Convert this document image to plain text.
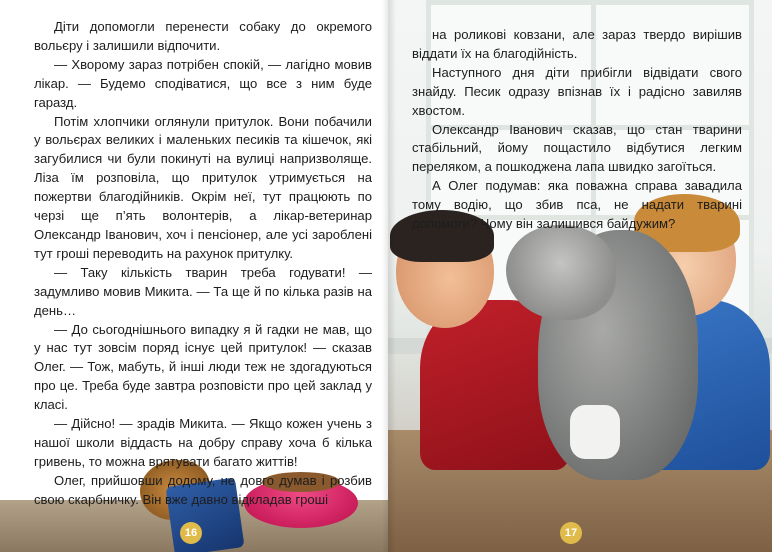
Діти допомогли перенести собаку до окремого вольєру і залишили відпочити.

— Хворому зараз потрібен спокій, — лагідно мовив лікар. — Будемо сподіватися, що все з ним буде гаразд.

Потім хлопчики оглянули притулок. Вони побачили у вольєрах великих і маленьких песиків та кішечок, які загубилися чи були покинуті на вулиці напризволяще. Ліза їм розповіла, що притулок утримується на пожертви благодійників. Окрім неї, тут працюють по черзі ще п’ять волонтерів, а лікар-ветеринар Олександр Іванович, хоч і пенсіонер, але усі зароблені тут гроші переводить на рахунок притулку.

— Таку кількість тварин треба годувати! — задумливо мовив Микита. — Та ще й по кілька разів на день…

— До сьогоднішнього випадку я й гадки не мав, що у нас тут зовсім поряд існує цей притулок! — сказав Олег. — Тож, мабуть, й інші люди теж не здогадуються про це. Треба буде завтра розповісти про цей заклад у класі.

— Дійсно! — зрадів Микита. — Якщо кожен учень з нашої школи віддасть на добру справу хоча б кілька гривень, то можна врятувати багато життів!

Олег, прийшовши додому, не довго думав і розбив свою скарбничку. Він вже давно відкладав гроші

на роликові ковзани, але зараз твердо вирішив віддати їх на благодійність.

Наступного дня діти прибігли відвідати свого знайду. Песик одразу впізнав їх і радісно завиляв хвостом.

Олександр Іванович сказав, що стан тварини стабільний, йому пощастило відбутися легким переляком, а пошкоджена лапа швидко загоїться.

А Олег подумав: яка поважна справа завадила тому водію, що збив пса, не надати тварині допомоги? Чому він залишився байдужим?

16	17
